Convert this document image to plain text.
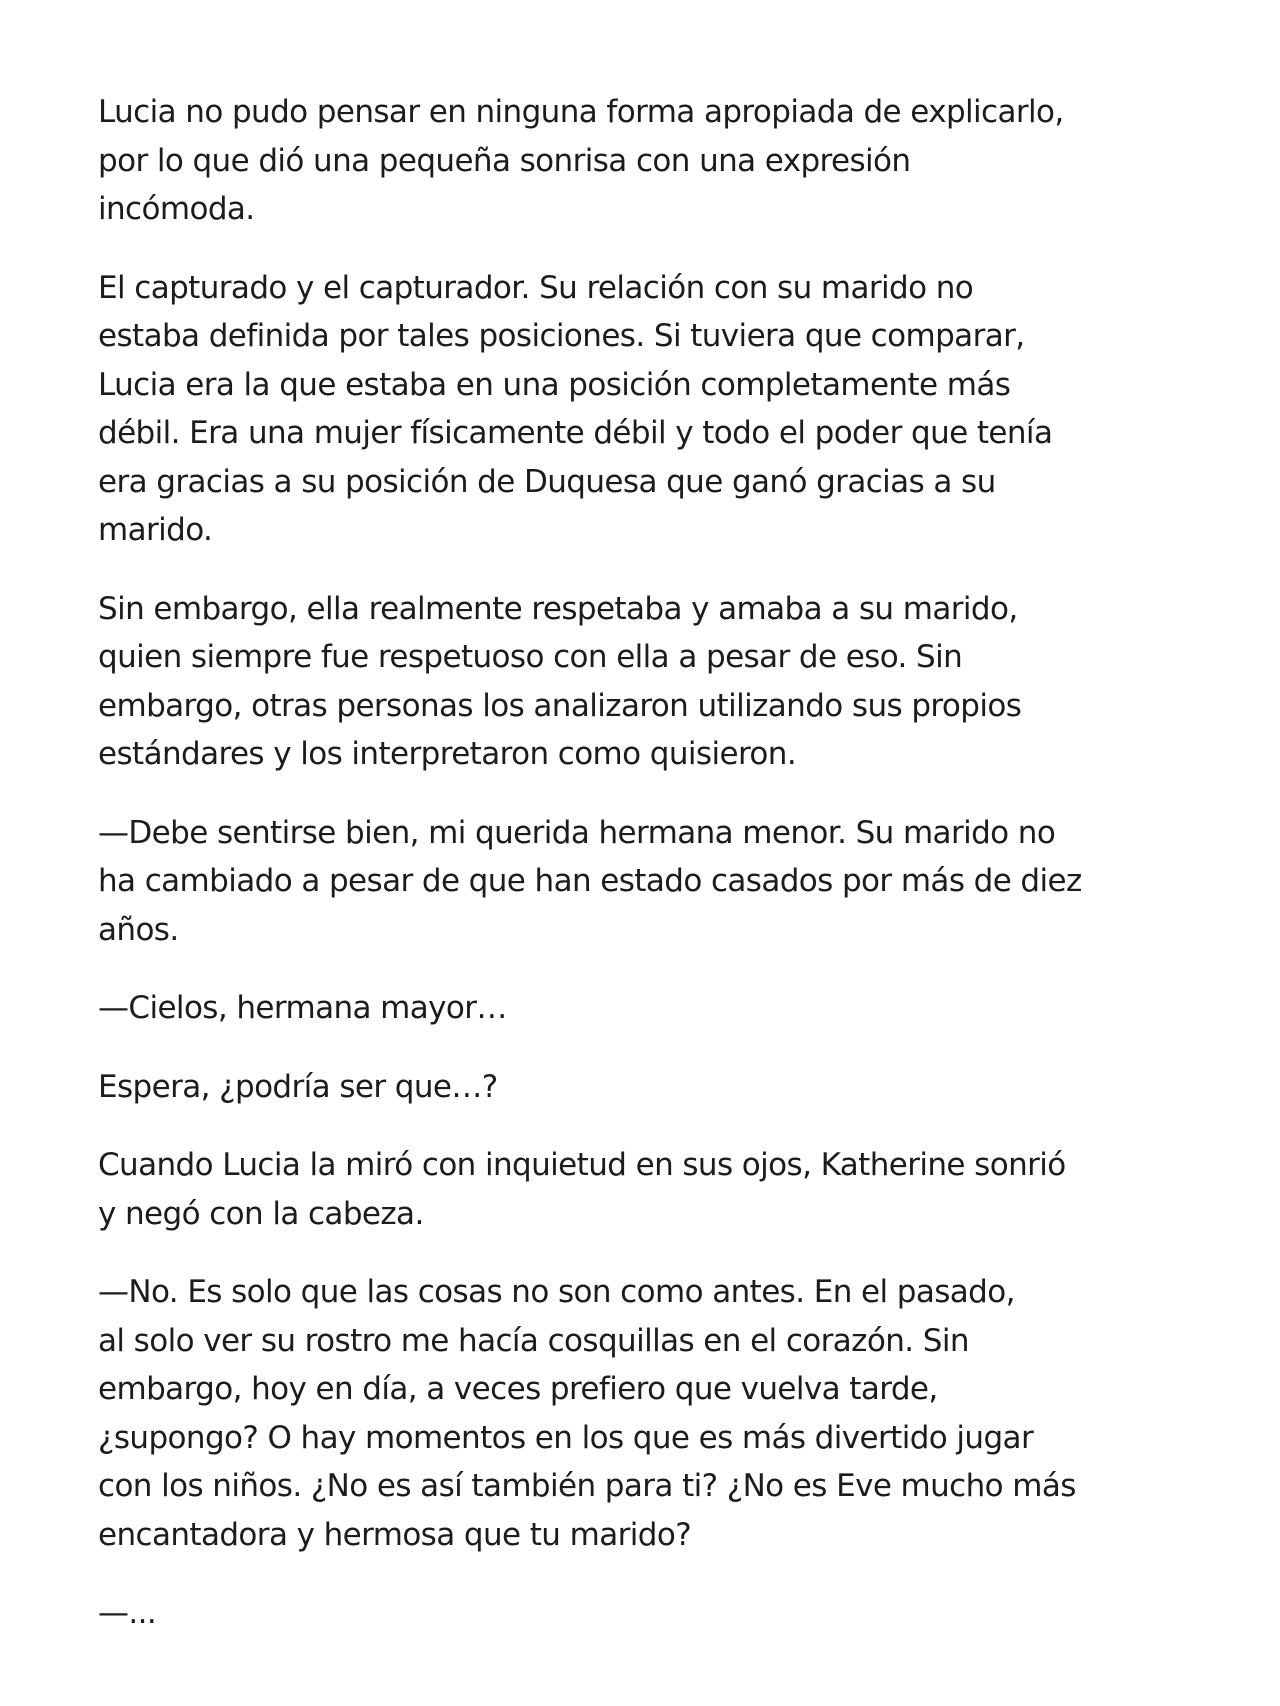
Lucia no pudo pensar en ninguna forma apropiada de explicarlo,
por lo que dió una pequeña sonrisa con una expresión
incómoda.

El capturado y el capturador. Su relación con su marido no
estaba definida por tales posiciones. Si tuviera que comparar,
Lucia era la que estaba en una posición completamente más
débil. Era una mujer físicamente débil y todo el poder que tenía
era gracias a su posición de Duquesa que ganó gracias a su
marido.

Sin embargo, ella realmente respetaba y amaba a su marido,
quien siempre fue respetuoso con ella a pesar de eso. Sin
embargo, otras personas los analizaron utilizando sus propios
estándares y los interpretaron como quisieron.

—Debe sentirse bien, mi querida hermana menor. Su marido no
ha cambiado a pesar de que han estado casados por más de diez
años.

—Cielos, hermana mayor…

Espera, ¿podría ser que…?

Cuando Lucia la miró con inquietud en sus ojos, Katherine sonrió
y negó con la cabeza.

—No. Es solo que las cosas no son como antes. En el pasado,
al solo ver su rostro me hacía cosquillas en el corazón. Sin
embargo, hoy en día, a veces prefiero que vuelva tarde,
¿supongo? O hay momentos en los que es más divertido jugar
con los niños. ¿No es así también para ti? ¿No es Eve mucho más
encantadora y hermosa que tu marido?

—...
